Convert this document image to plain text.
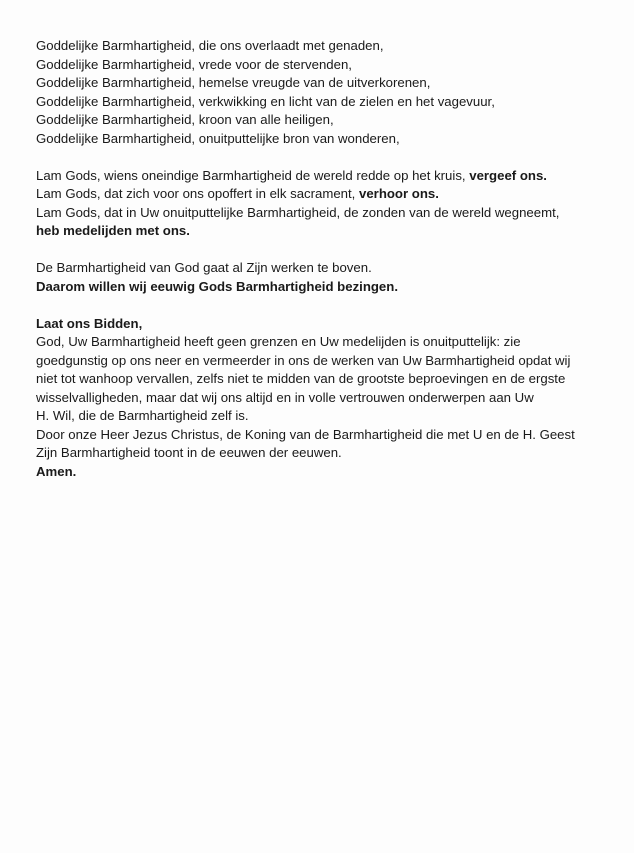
Goddelijke Barmhartigheid, die ons overlaadt met genaden,
Goddelijke Barmhartigheid, vrede voor de stervenden,
Goddelijke Barmhartigheid, hemelse vreugde van de uitverkorenen,
Goddelijke Barmhartigheid, verkwikking en licht van de zielen en het vagevuur,
Goddelijke Barmhartigheid, kroon van alle heiligen,
Goddelijke Barmhartigheid, onuitputtelijke bron van wonderen,
Lam Gods, wiens oneindige Barmhartigheid de wereld redde op het kruis, vergeef ons.
Lam Gods, dat zich voor ons opoffert in elk sacrament, verhoor ons.
Lam Gods, dat in Uw onuitputtelijke Barmhartigheid, de zonden van de wereld wegneemt,
heb medelijden met ons.
De Barmhartigheid van God gaat al Zijn werken te boven.
Daarom willen wij eeuwig Gods Barmhartigheid bezingen.
Laat ons Bidden,
God, Uw Barmhartigheid heeft geen grenzen en Uw medelijden is onuitputtelijk: zie
goedgunstig op ons neer en vermeerder in ons de werken van Uw Barmhartigheid opdat wij
niet tot wanhoop vervallen, zelfs niet te midden van de grootste beproevingen en de ergste
wisselvalligheden, maar dat wij ons altijd en in volle vertrouwen onderwerpen aan Uw
H. Wil, die de Barmhartigheid zelf is.
Door onze Heer Jezus Christus, de Koning van de Barmhartigheid die met U en de H. Geest
Zijn Barmhartigheid toont in de eeuwen der eeuwen.
Amen.
